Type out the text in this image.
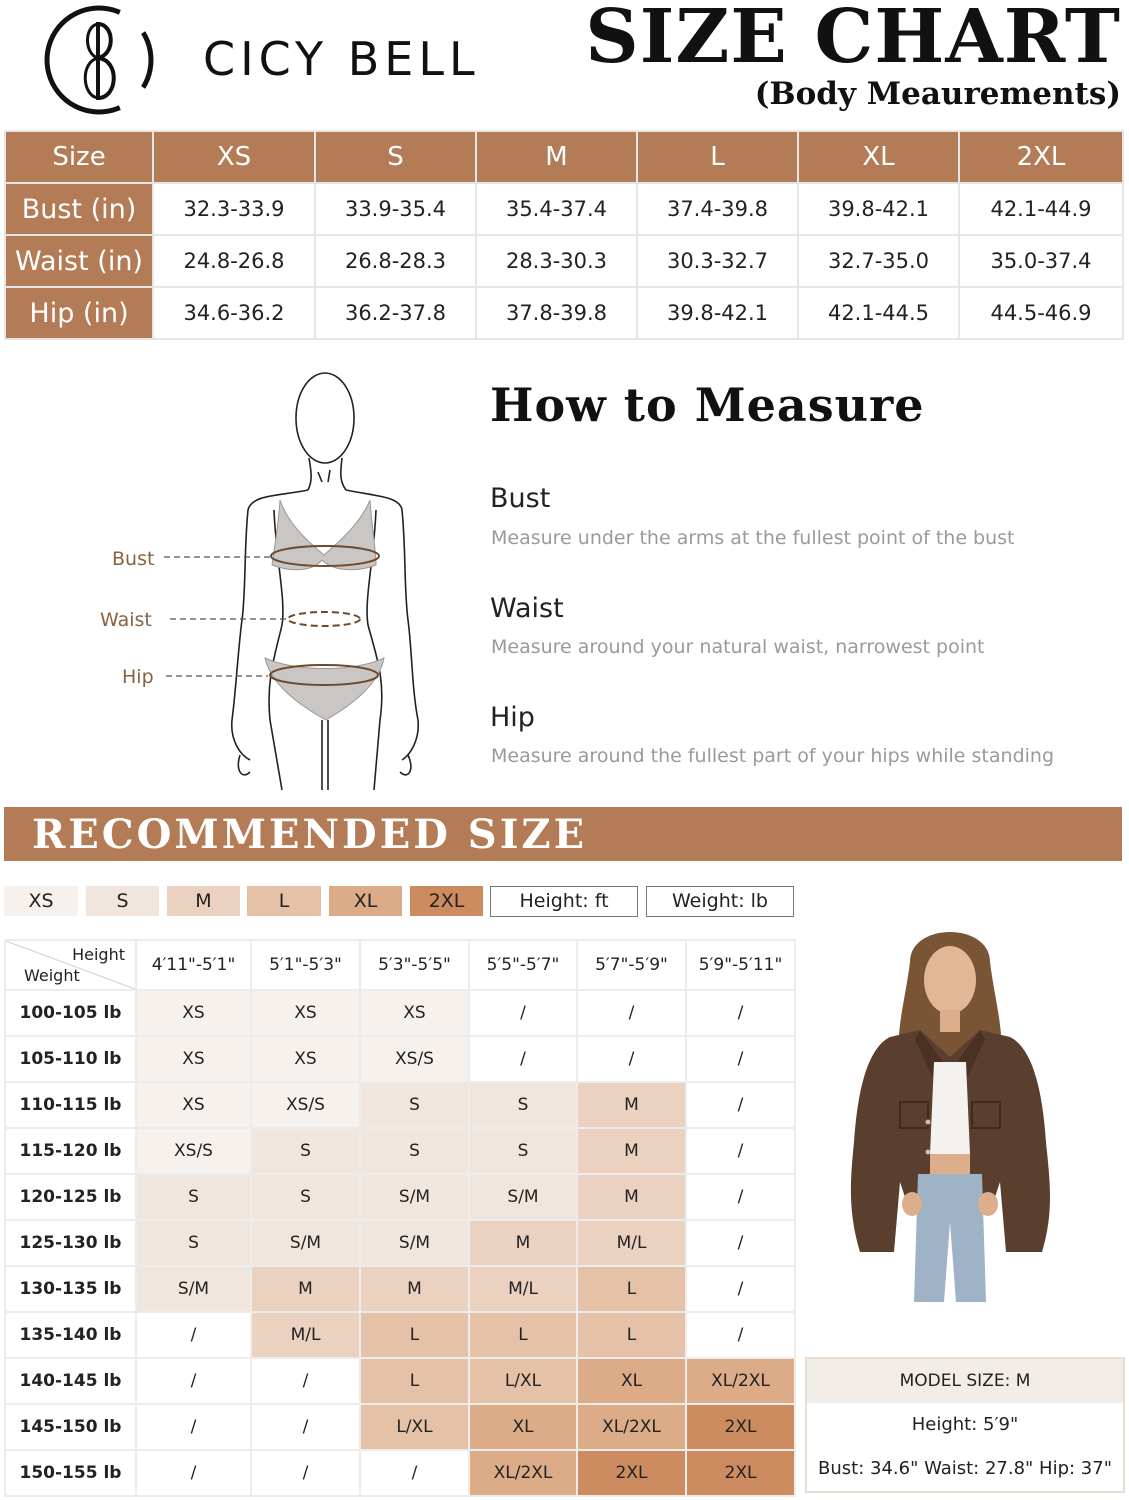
CICY BELL SIZE CHART
(Body Meaurements)
Size	XS	S	M	L	XL	2XL
Bust (in)	32.3-33.9	33.9-35.4	35.4-37.4	37.4-39.8	39.8-42.1	42.1-44.9
Waist (in)	24.8-26.8	26.8-28.3	28.3-30.3	30.3-32.7	32.7-35.0	35.0-37.4
Hip (in)	34.6-36.2	36.2-37.8	37.8-39.8	39.8-42.1	42.1-44.5	44.5-46.9
Bust
Waist
Hip
How to Measure
Bust
Measure under the arms at the fullest point of the bust
Waist
Measure around your natural waist, narrowest point
Hip
Measure around the fullest part of your hips while standing
RECOMMENDED SIZE
XS	S	M	L	XL	2XL	Height: ft	Weight: lb
Height
Weight	4′11"-5′1"	5′1"-5′3"	5′3"-5′5"	5′5"-5′7"	5′7"-5′9"	5′9"-5′11"
100-105 lb	XS	XS	XS	/	/	/
105-110 lb	XS	XS	XS/S	/	/	/
110-115 lb	XS	XS/S	S	S	M	/
115-120 lb	XS/S	S	S	S	M	/
120-125 lb	S	S	S/M	S/M	M	/
125-130 lb	S	S/M	S/M	M	M/L	/
130-135 lb	S/M	M	M	M/L	L	/
135-140 lb	/	M/L	L	L	L	/
140-145 lb	/	/	L	L/XL	XL	XL/2XL
145-150 lb	/	/	L/XL	XL	XL/2XL	2XL
150-155 lb	/	/	/	XL/2XL	2XL	2XL
MODEL SIZE: M
Height: 5′9"
Bust: 34.6" Waist: 27.8" Hip: 37"
